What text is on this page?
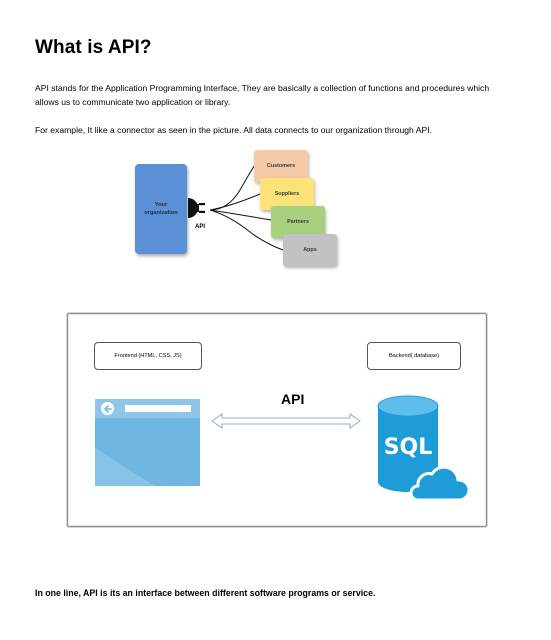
What is API?

API stands for the Application Programming Interface, They are basically a collection of functions and procedures which allows us to communicate two application or library.

For example, It like a connector as seen in the picture. All data connects to our organization through API.

Your
organization

API

Customers
Suppliers
Partners
Apps
Frontend (HTML, CSS, JS)	Backend( database)

API

SQL

In one line, API is its an interface between different software programs or service.
